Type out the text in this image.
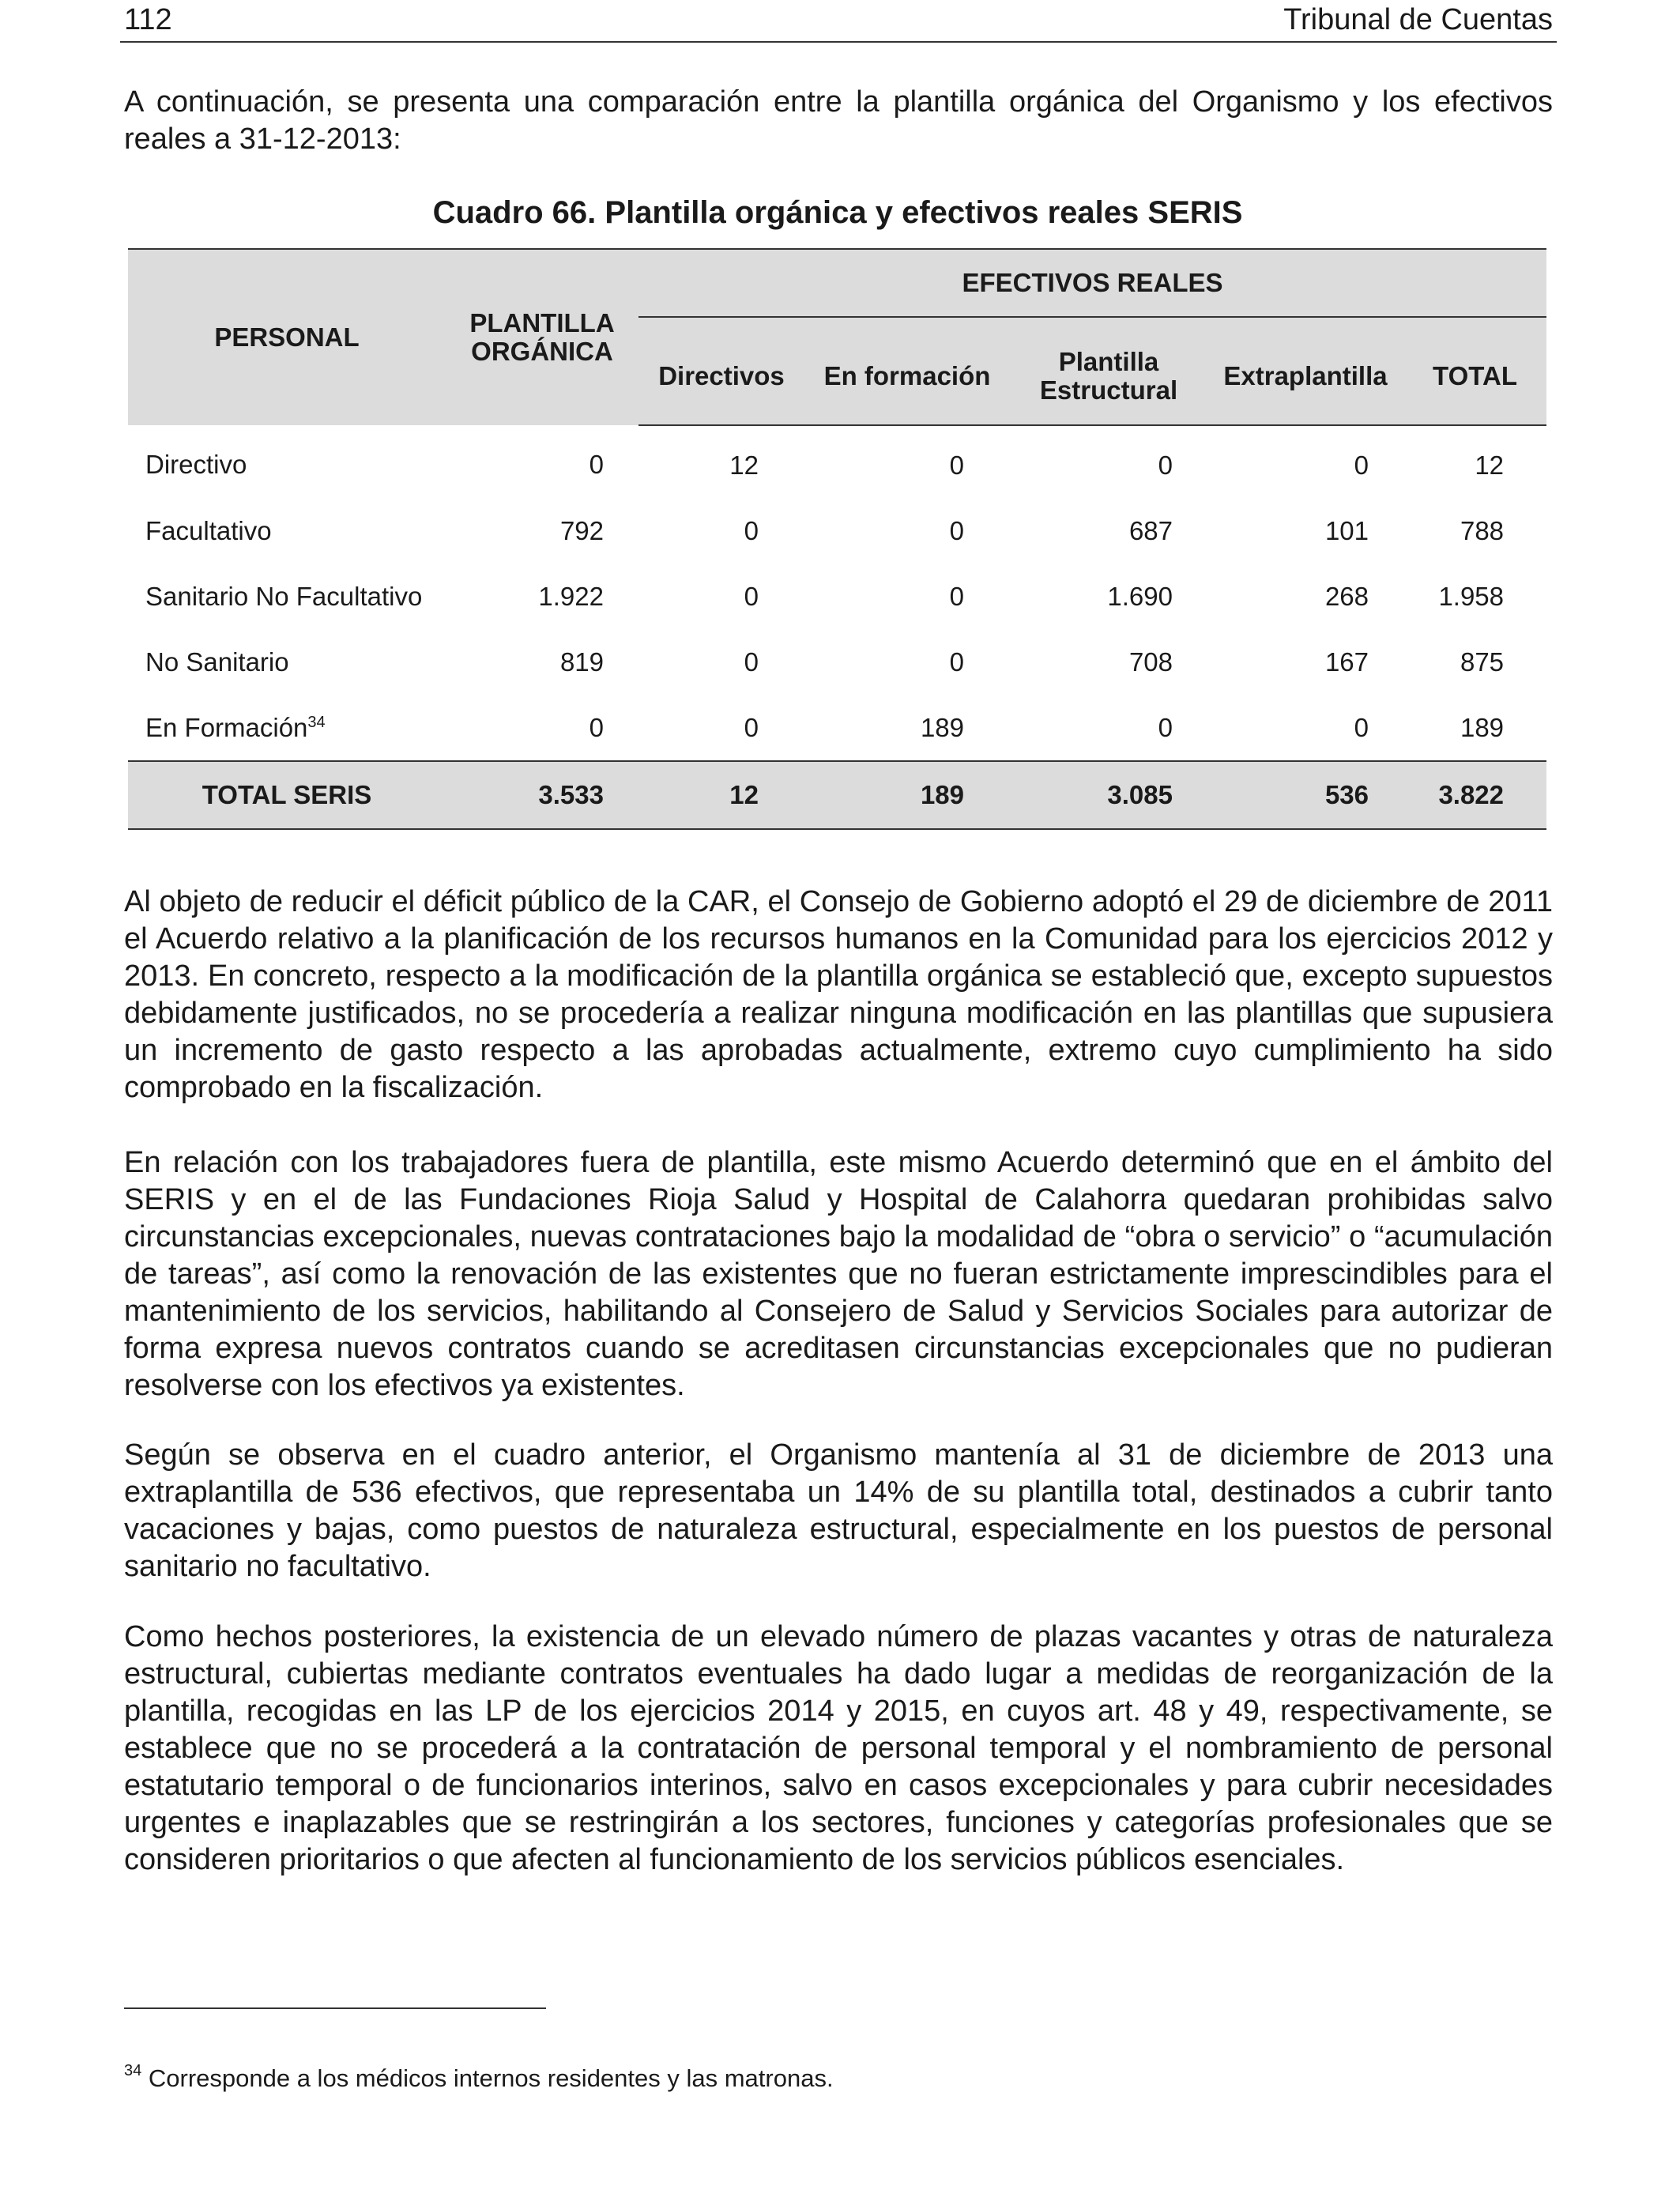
112	Tribunal de Cuentas

A continuación, se presenta una comparación entre la plantilla orgánica del Organismo y los efectivos reales a 31-12-2013:

Cuadro 66. Plantilla orgánica y efectivos reales SERIS
PERSONAL	PLANTILLA ORGÁNICA	EFECTIVOS REALES				
		Directivos	En formación	Plantilla Estructural	Extraplantilla	TOTAL
Directivo	0	12	0	0	0	12
Facultativo	792	0	0	687	101	788
Sanitario No Facultativo	1.922	0	0	1.690	268	1.958
No Sanitario	819	0	0	708	167	875
En Formación$^{34}$	0	0	189	0	0	189
TOTAL SERIS	3.533	12	189	3.085	536	3.822

Al objeto de reducir el déficit público de la CAR, el Consejo de Gobierno adoptó el 29 de diciembre de 2011 el Acuerdo relativo a la planificación de los recursos humanos en la Comunidad para los ejercicios 2012 y 2013. En concreto, respecto a la modificación de la plantilla orgánica se estableció que, excepto supuestos debidamente justificados, no se procedería a realizar ninguna modificación en las plantillas que supusiera un incremento de gasto respecto a las aprobadas actualmente, extremo cuyo cumplimiento ha sido comprobado en la fiscalización.

En relación con los trabajadores fuera de plantilla, este mismo Acuerdo determinó que en el ámbito del SERIS y en el de las Fundaciones Rioja Salud y Hospital de Calahorra quedaran prohibidas salvo circunstancias excepcionales, nuevas contrataciones bajo la modalidad de “obra o servicio” o “acumulación de tareas”, así como la renovación de las existentes que no fueran estrictamente imprescindibles para el mantenimiento de los servicios, habilitando al Consejero de Salud y Servicios Sociales para autorizar de forma expresa nuevos contratos cuando se acreditasen circunstancias excepcionales que no pudieran resolverse con los efectivos ya existentes.

Según se observa en el cuadro anterior, el Organismo mantenía al 31 de diciembre de 2013 una extraplantilla de 536 efectivos, que representaba un 14% de su plantilla total, destinados a cubrir tanto vacaciones y bajas, como puestos de naturaleza estructural, especialmente en los puestos de personal sanitario no facultativo.

Como hechos posteriores, la existencia de un elevado número de plazas vacantes y otras de naturaleza estructural, cubiertas mediante contratos eventuales ha dado lugar a medidas de reorganización de la plantilla, recogidas en las LP de los ejercicios 2014 y 2015, en cuyos art. 48 y 49, respectivamente, se establece que no se procederá a la contratación de personal temporal y el nombramiento de personal estatutario temporal o de funcionarios interinos, salvo en casos excepcionales y para cubrir necesidades urgentes e inaplazables que se restringirán a los sectores, funciones y categorías profesionales que se consideren prioritarios o que afecten al funcionamiento de los servicios públicos esenciales.

$^{34}$ Corresponde a los médicos internos residentes y las matronas.
